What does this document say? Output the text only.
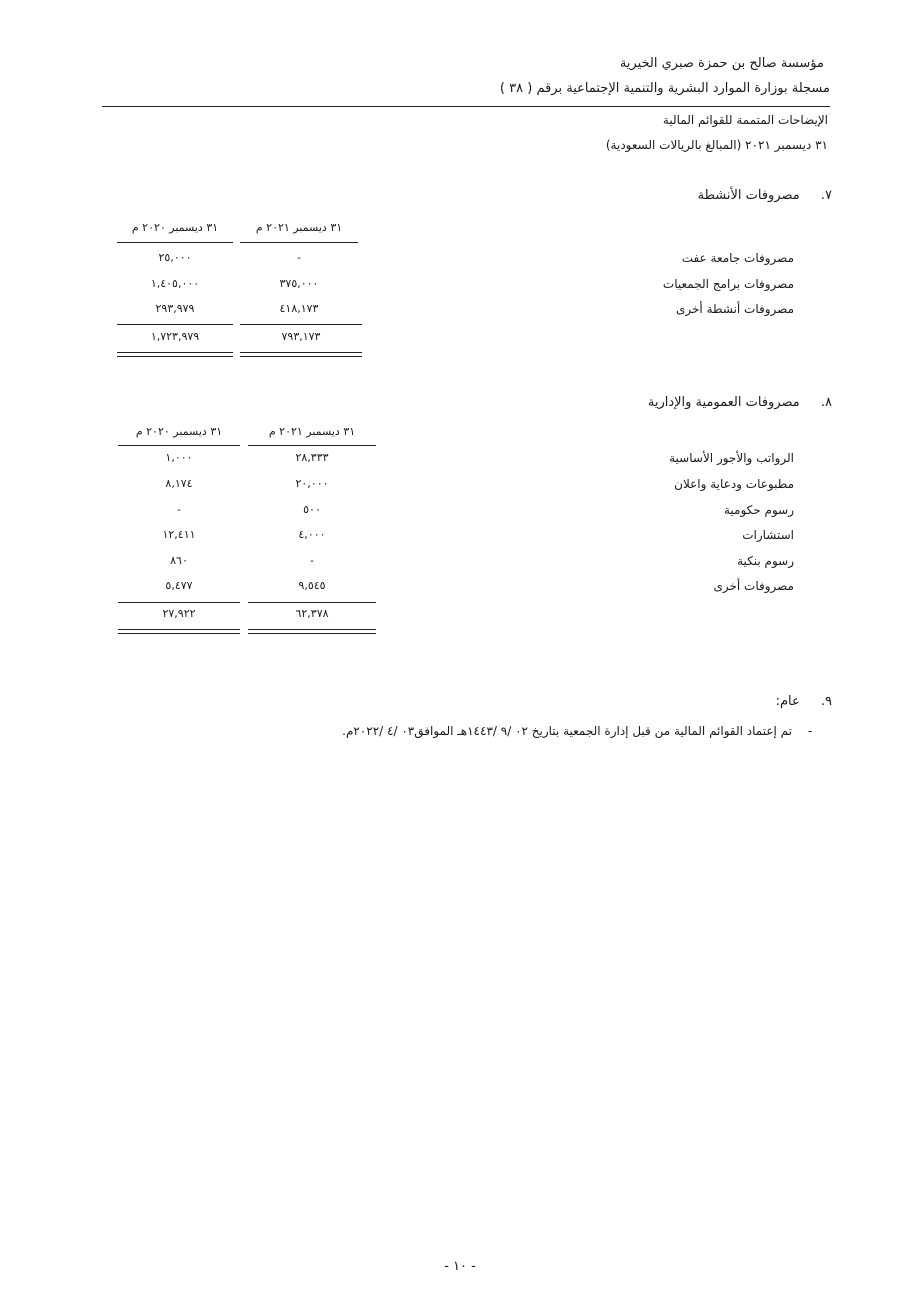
مؤسسة صالح بن حمزة صبري الخيرية
مسجلة بوزارة الموارد البشرية والتنمية الإجتماعية برقم ( ٣٨ )
الإيضاحات المتممة للقوائم المالية
٣١ ديسمبر ٢٠٢١ (المبالغ بالريالات السعودية)
٧.  مصروفات الأنشطة
٣١ ديسمبر ٢٠٢١ م
٣١ ديسمبر ٢٠٢٠ م
مصروفات جامعة عفت
-
٢٥,٠٠٠
مصروفات برامج الجمعيات
٣٧٥,٠٠٠
١,٤٠٥,٠٠٠
مصروفات أنشطة أخرى
٤١٨,١٧٣
٢٩٣,٩٧٩
٧٩٣,١٧٣
١,٧٢٣,٩٧٩
٨.  مصروفات العمومية والإدارية
٣١ ديسمبر ٢٠٢١ م
٣١ ديسمبر ٢٠٢٠ م
الرواتب والأجور الأساسية
٢٨,٣٣٣
١,٠٠٠
مطبوعات ودعاية واعلان
٢٠,٠٠٠
٨,١٧٤
رسوم حكومية
٥٠٠
-
استشارات
٤,٠٠٠
١٢,٤١١
رسوم بنكية
-
٨٦٠
مصروفات أخرى
٩,٥٤٥
٥,٤٧٧
٦٢,٣٧٨
٢٧,٩٢٢
٩.  عام:
-تم إعتماد القوائم المالية من قبل إدارة الجمعية بتاريخ ٠٢ /٩ /١٤٤٣هـ الموافق٠٣ /٤ /٢٠٢٢م.
- ١٠ -
